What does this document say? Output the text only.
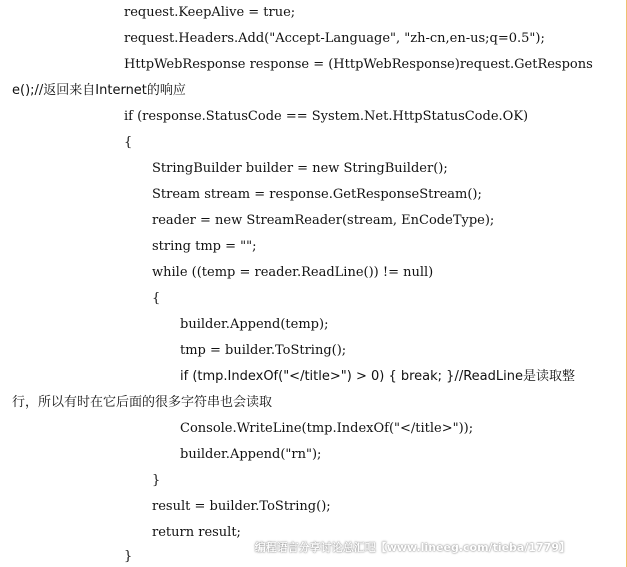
request.KeepAlive = true;
request.Headers.Add("Accept-Language", "zh-cn,en-us;q=0.5");
HttpWebResponse response = (HttpWebResponse)request.GetRespons
e();//返回来自Internet的响应
if (response.StatusCode == System.Net.HttpStatusCode.OK)
{
StringBuilder builder = new StringBuilder();
Stream stream = response.GetResponseStream();
reader = new StreamReader(stream, EnCodeType);
string tmp = "";
while ((temp = reader.ReadLine()) != null)
{
builder.Append(temp);
tmp = builder.ToString();
if (tmp.IndexOf("</title>") > 0) { break; }//ReadLine是读取整
行，所以有时在它后面的很多字符串也会读取
Console.WriteLine(tmp.IndexOf("</title>"));
builder.Append("rn");
}
result = builder.ToString();
return result;
}
编程语言分享讨论总汇吧【www.lineeg.com/tieba/1779】
